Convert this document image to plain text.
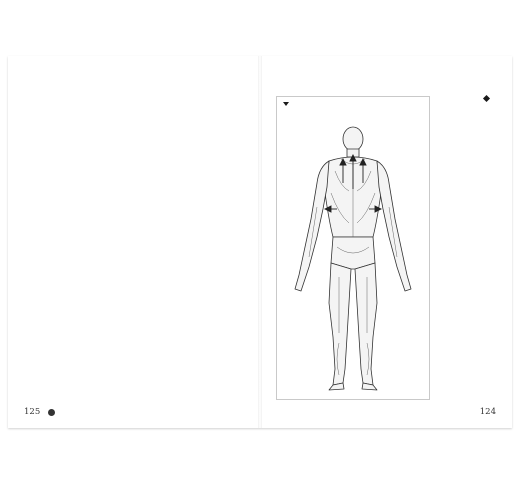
125	124
